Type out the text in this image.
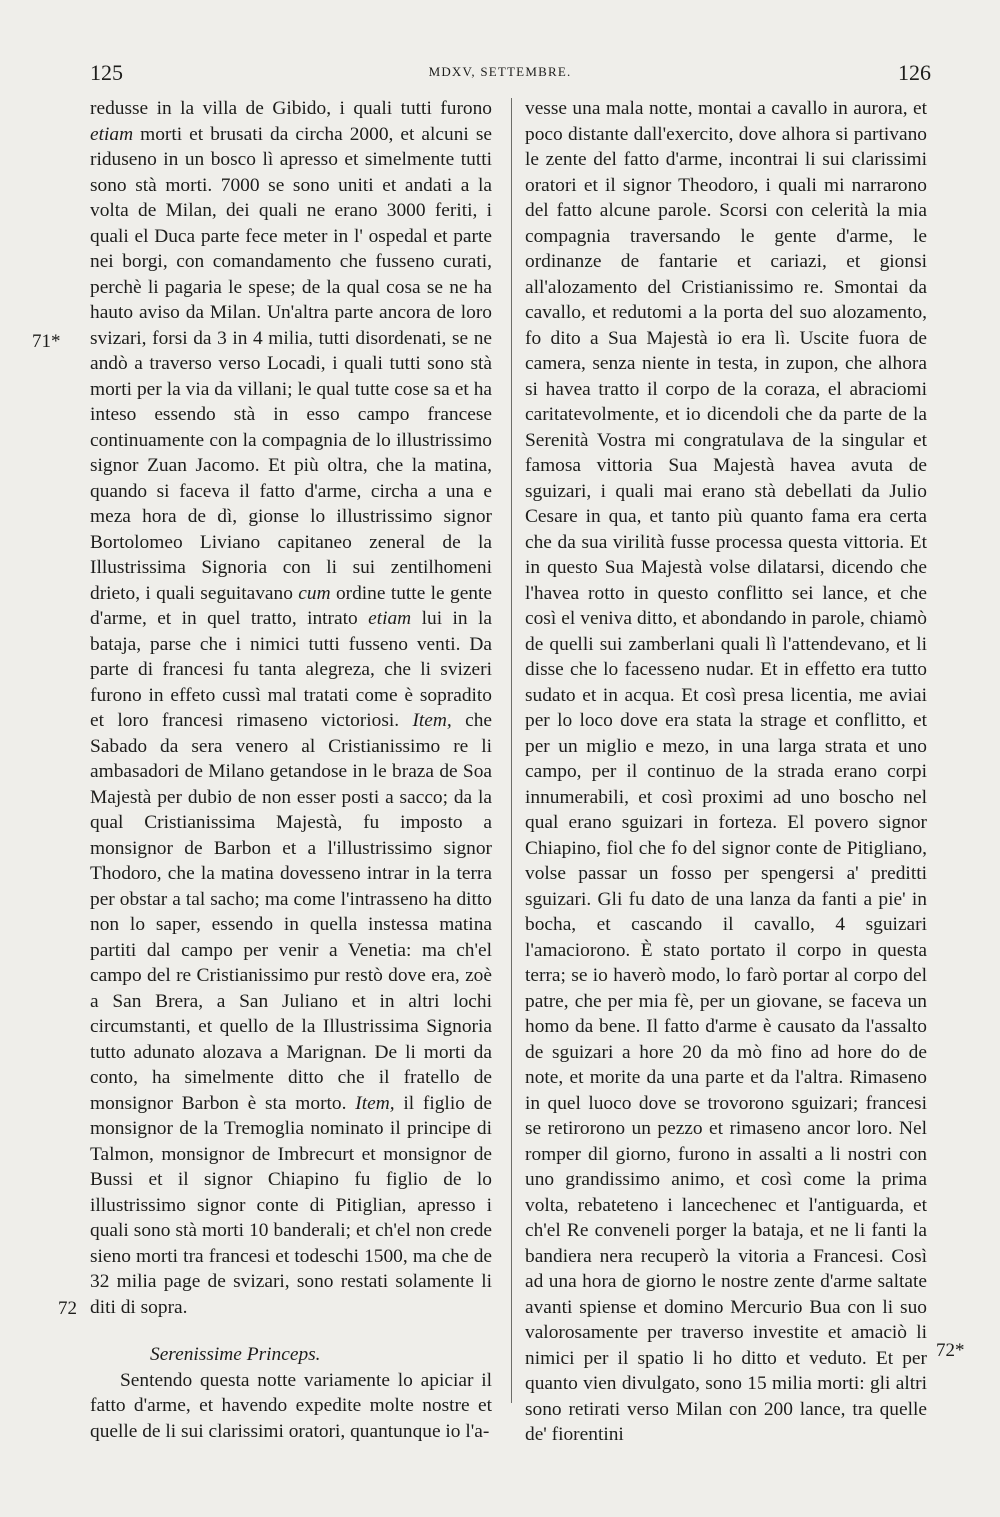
125	MDXV, SETTEMBRE.	126
71*
72
72*

redusse in la villa de Gibido, i quali tutti furono etiam morti et brusati da circha 2000, et alcuni se riduseno in un bosco lì apresso et simelmente tutti sono stà morti. 7000 se sono uniti et andati a la volta de Milan, dei quali ne erano 3000 feriti, i quali el Duca parte fece meter in l' ospedal et parte nei borgi, con comandamento che fusseno curati, perchè li pagaria le spese; de la qual cosa se ne ha hauto aviso da Milan. Un'altra parte ancora de loro svizari, forsi da 3 in 4 milia, tutti disordenati, se ne andò a traverso verso Locadi, i quali tutti sono stà morti per la via da villani; le qual tutte cose sa et ha inteso essendo stà in esso campo francese continuamente con la compagnia de lo illustrissimo signor Zuan Jacomo. Et più oltra, che la matina, quando si faceva il fatto d'arme, circha a una e meza hora de dì, gionse lo illustrissimo signor Bortolomeo Liviano capitaneo zeneral de la Illustrissima Signoria con li sui zentilhomeni drieto, i quali seguitavano cum ordine tutte le gente d'arme, et in quel tratto, intrato etiam lui in la bataja, parse che i nimici tutti fusseno venti. Da parte di francesi fu tanta alegreza, che li svizeri furono in effeto cussì mal tratati come è sopradito et loro francesi rimaseno victoriosi. Item, che Sabado da sera venero al Cristianissimo re li ambasadori de Milano getandose in le braza de Soa Majestà per dubio de non esser posti a sacco; da la qual Cristianissima Majestà, fu imposto a monsignor de Barbon et a l'illustrissimo signor Thodoro, che la matina dovesseno intrar in la terra per obstar a tal sacho; ma come l'intrasseno ha ditto non lo saper, essendo in quella instessa matina partiti dal campo per venir a Venetia: ma ch'el campo del re Cristianissimo pur restò dove era, zoè a San Brera, a San Juliano et in altri lochi circumstanti, et quello de la Illustrissima Signoria tutto adunato alozava a Marignan. De li morti da conto, ha simelmente ditto che il fratello de monsignor Barbon è sta morto. Item, il figlio de monsignor de la Tremoglia nominato il principe di Talmon, monsignor de Imbrecurt et monsignor de Bussi et il signor Chiapino fu figlio de lo illustrissimo signor conte di Pitiglian, apresso i quali sono stà morti 10 banderali; et ch'el non crede sieno morti tra francesi et todeschi 1500, ma che de 32 milia page de svizari, sono restati solamente li diti di sopra.

Serenissime Princeps.

Sentendo questa notte variamente lo apiciar il fatto d'arme, et havendo expedite molte nostre et quelle de li sui clarissimi oratori, quantunque io l'a-

vesse una mala notte, montai a cavallo in aurora, et poco distante dall'exercito, dove alhora si partivano le zente del fatto d'arme, incontrai li sui clarissimi oratori et il signor Theodoro, i quali mi narrarono del fatto alcune parole. Scorsi con celerità la mia compagnia traversando le gente d'arme, le ordinanze de fantarie et cariazi, et gionsi all'alozamento del Cristianissimo re. Smontai da cavallo, et redutomi a la porta del suo alozamento, fo dito a Sua Majestà io era lì. Uscite fuora de camera, senza niente in testa, in zupon, che alhora si havea tratto il corpo de la coraza, el abraciomi caritatevolmente, et io dicendoli che da parte de la Serenità Vostra mi congratulava de la singular et famosa vittoria Sua Majestà havea avuta de sguizari, i quali mai erano stà debellati da Julio Cesare in qua, et tanto più quanto fama era certa che da sua virilità fusse processa questa vittoria. Et in questo Sua Majestà volse dilatarsi, dicendo che l'havea rotto in questo conflitto sei lance, et che così el veniva ditto, et abondando in parole, chiamò de quelli sui zamberlani quali lì l'attendevano, et li disse che lo facesseno nudar. Et in effetto era tutto sudato et in acqua. Et così presa licentia, me aviai per lo loco dove era stata la strage et conflitto, et per un miglio e mezo, in una larga strata et uno campo, per il continuo de la strada erano corpi innumerabili, et così proximi ad uno boscho nel qual erano sguizari in forteza. El povero signor Chiapino, fiol che fo del signor conte de Pitigliano, volse passar un fosso per spengersi a' preditti sguizari. Gli fu dato de una lanza da fanti a pie' in bocha, et cascando il cavallo, 4 sguizari l'amaciorono. È stato portato il corpo in questa terra; se io haverò modo, lo farò portar al corpo del patre, che per mia fè, per un giovane, se faceva un homo da bene. Il fatto d'arme è causato da l'assalto de sguizari a hore 20 da mò fino ad hore do de note, et morite da una parte et da l'altra. Rimaseno in quel luoco dove se trovorono sguizari; francesi se retirorono un pezzo et rimaseno ancor loro. Nel romper dil giorno, furono in assalti a li nostri con uno grandissimo animo, et così come la prima volta, rebateteno i lancechenec et l'antiguarda, et ch'el Re conveneli porger la bataja, et ne li fanti la bandiera nera recuperò la vitoria a Francesi. Così ad una hora de giorno le nostre zente d'arme saltate avanti spiense et domino Mercurio Bua con li suo valorosamente per traverso investite et amaciò li nimici per il spatio li ho ditto et veduto. Et per quanto vien divulgato, sono 15 milia morti: gli altri sono retirati verso Milan con 200 lance, tra quelle de' fiorentini
